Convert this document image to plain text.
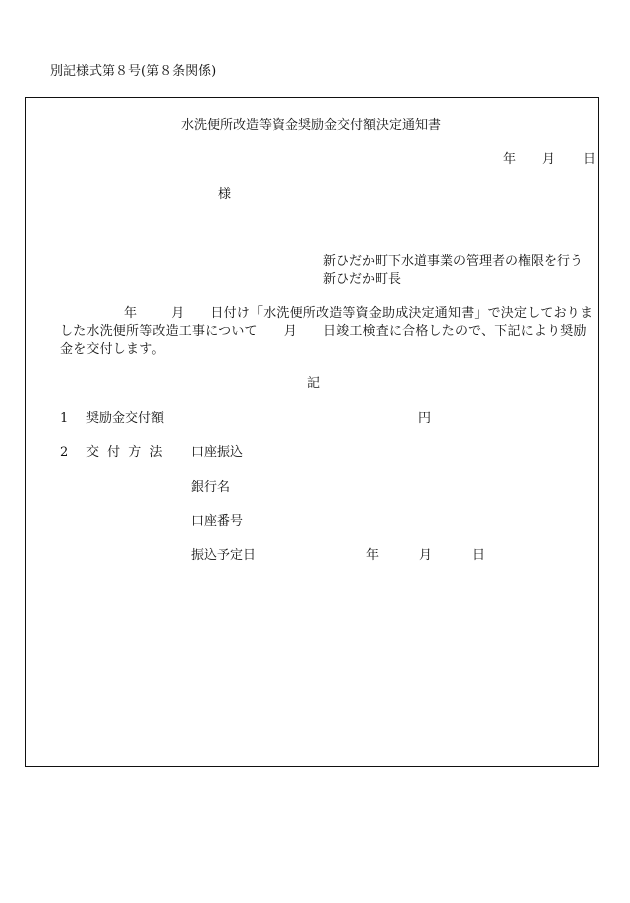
別記様式第８号(第８条関係)
水洗便所改造等資金奨励金交付額決定通知書
年 月 日
様
新ひだか町下水道事業の管理者の権限を行う
新ひだか町長
年	月 日付け「水洗便所改造等資金助成決定通知書」で決定しておりま
した水洗便所等改造工事について 月 日竣工検査に合格したので、下記により奨励
金を交付します。
記
1 奨励金交付額	円
2 交 付 方 法 口座振込
銀行名
口座番号
振込予定日	年	月	日
